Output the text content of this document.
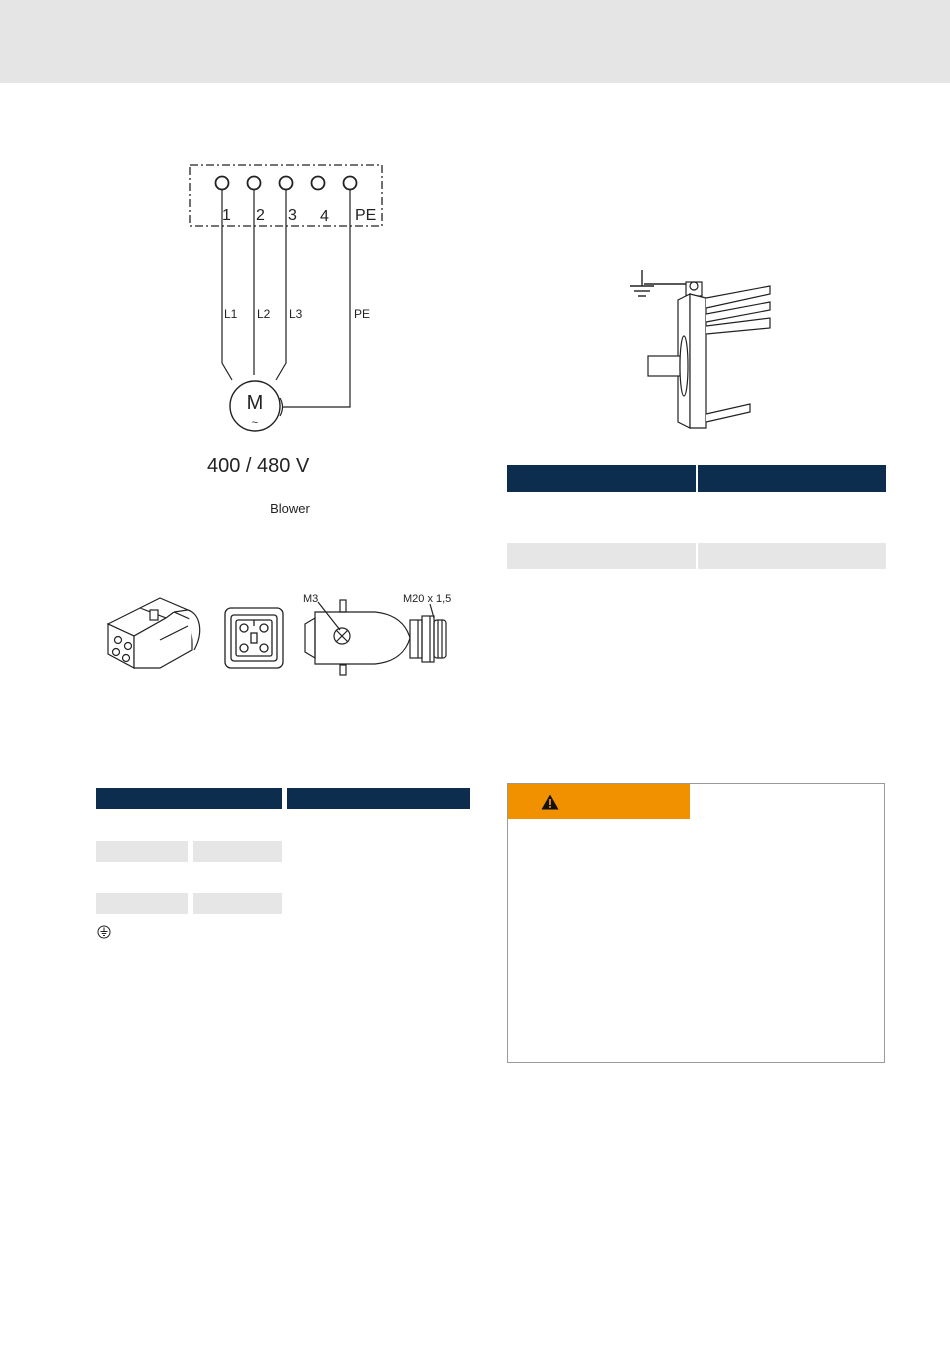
1 2 3 4 PE
L1 L2 L3	PE
M
~
400 / 480 V
Blower
M3	M20 x 1,5
